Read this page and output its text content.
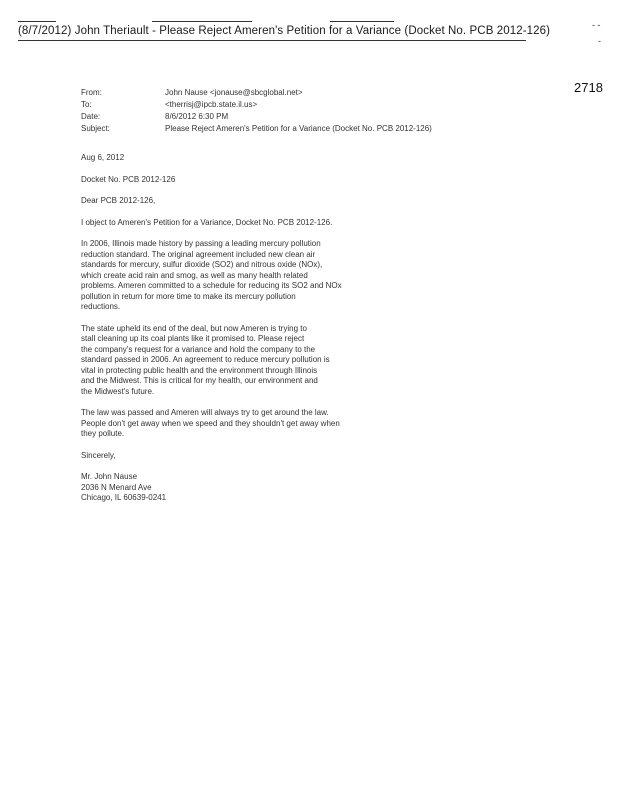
(8/7/2012) John Theriault - Please Reject Ameren's Petition for a Variance (Docket No. PCB 2012-126)	- -
-
2718
From:	John Nause <jonause@sbcglobal.net>
To:	<therrisj@ipcb.state.il.us>
Date:	8/6/2012 6:30 PM
Subject:	Please Reject Ameren's Petition for a Variance (Docket No. PCB 2012-126)

Aug 6, 2012

Docket No. PCB 2012-126

Dear PCB 2012-126,

I object to Ameren's Petition for a Variance, Docket No. PCB 2012-126.

In 2006, Illinois made history by passing a leading mercury pollution
reduction standard. The original agreement included new clean air
standards for mercury, sulfur dioxide (SO2) and nitrous oxide (NOx),
which create acid rain and smog, as well as many health related
problems. Ameren committed to a schedule for reducing its SO2 and NOx
pollution in return for more time to make its mercury pollution
reductions.

The state upheld its end of the deal, but now Ameren is trying to
stall cleaning up its coal plants like it promised to. Please reject
the company's request for a variance and hold the company to the
standard passed in 2006. An agreement to reduce mercury pollution is
vital in protecting public health and the environment through Illinois
and the Midwest. This is critical for my health, our environment and
the Midwest's future.

The law was passed and Ameren will always try to get around the law.
People don't get away when we speed and they shouldn't get away when
they pollute.

Sincerely,

Mr. John Nause
2036 N Menard Ave
Chicago, IL 60639-0241
